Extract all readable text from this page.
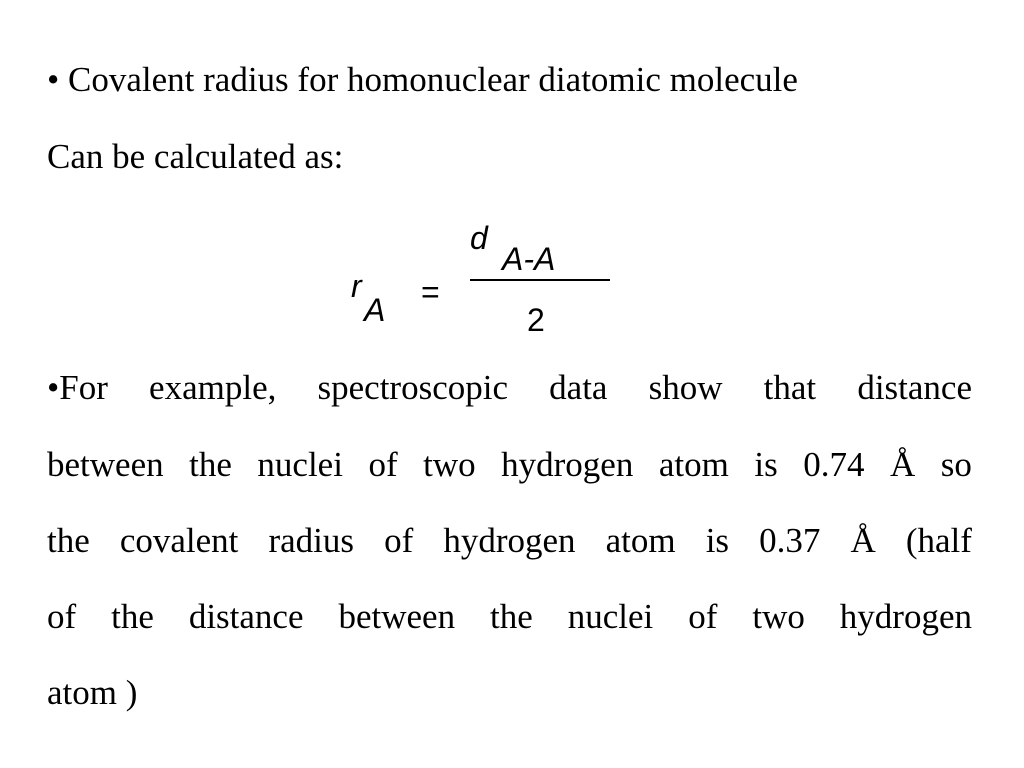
• Covalent radius for homonuclear diatomic molecule
Can be calculated as:
r
A =
d
A-A
2
•For example, spectroscopic data show that distance
between the nuclei of two hydrogen atom is 0.74 Å so
the covalent radius of hydrogen atom is 0.37 Å (half
of the distance between the nuclei of two hydrogen
atom )
